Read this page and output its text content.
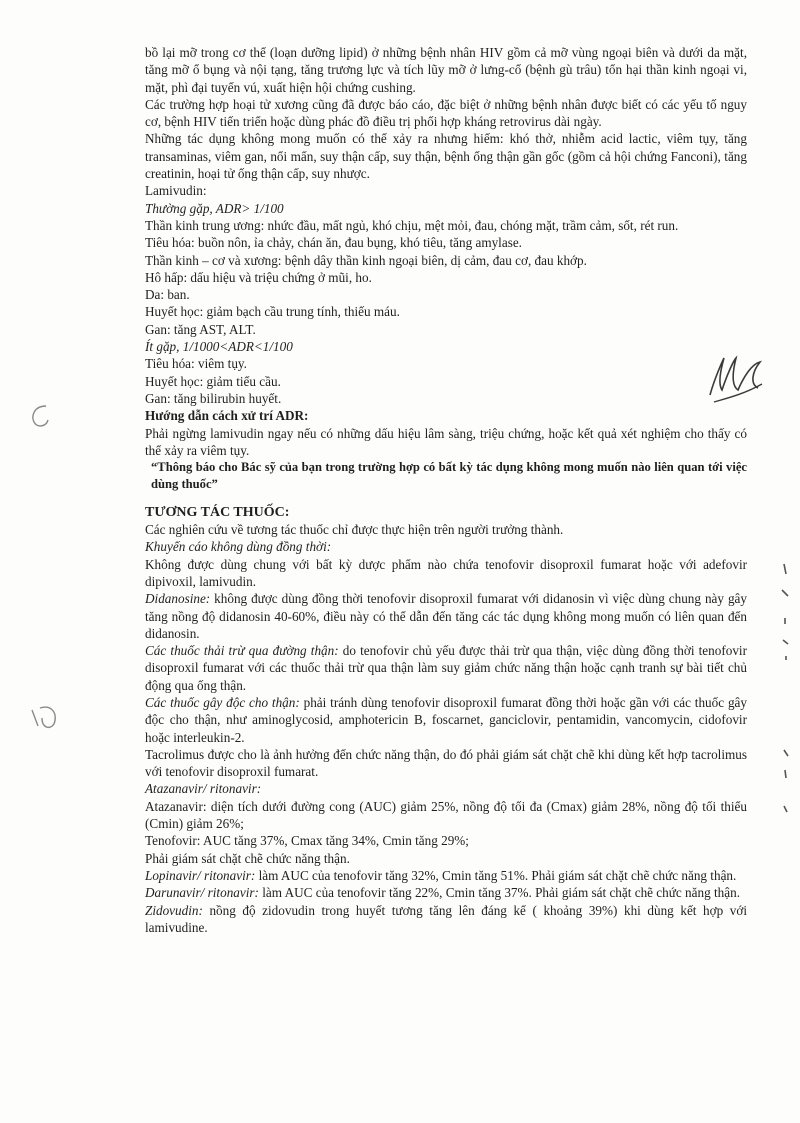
bồ lại mỡ trong cơ thể (loạn dưỡng lipid) ở những bệnh nhân HIV gồm cả mỡ vùng ngoại biên và dưới da mặt, tăng mỡ ổ bụng và nội tạng, tăng trương lực và tích lũy mỡ ở lưng-cổ (bệnh gù trâu) tổn hại thần kinh ngoại vi, mặt, phì đại tuyến vú, xuất hiện hội chứng cushing.

Các trường hợp hoại tử xương cũng đã được báo cáo, đặc biệt ở những bệnh nhân được biết có các yếu tố nguy cơ, bệnh HIV tiến triển hoặc dùng phác đồ điều trị phối hợp kháng retrovirus dài ngày.

Những tác dụng không mong muốn có thể xảy ra nhưng hiếm: khó thở, nhiễm acid lactic, viêm tụy, tăng transaminas, viêm gan, nổi mẩn, suy thận cấp, suy thận, bệnh ống thận gần gốc (gồm cả hội chứng Fanconi), tăng creatinin, hoại tử ống thận cấp, suy nhược.

Lamivudin:

Thường gặp, ADR> 1/100

Thần kinh trung ương: nhức đầu, mất ngủ, khó chịu, mệt mỏi, đau, chóng mặt, trầm cảm, sốt, rét run.

Tiêu hóa: buồn nôn, ỉa chảy, chán ăn, đau bụng, khó tiêu, tăng amylase.

Thần kinh – cơ và xương: bệnh dây thần kinh ngoại biên, dị cảm, đau cơ, đau khớp.

Hô hấp: dấu hiệu và triệu chứng ở mũi, ho.

Da: ban.

Huyết học: giảm bạch cầu trung tính, thiếu máu.

Gan: tăng AST, ALT.

Ít gặp, 1/1000<ADR<1/100

Tiêu hóa: viêm tụy.

Huyết học: giảm tiểu cầu.

Gan: tăng bilirubin huyết.

Hướng dẫn cách xử trí ADR:

Phải ngừng lamivudin ngay nếu có những dấu hiệu lâm sàng, triệu chứng, hoặc kết quả xét nghiệm cho thấy có thể xảy ra viêm tụy.

“Thông báo cho Bác sỹ của bạn trong trường hợp có bất kỳ tác dụng không mong muốn nào liên quan tới việc dùng thuốc”

TƯƠNG TÁC THUỐC:

Các nghiên cứu về tương tác thuốc chỉ được thực hiện trên người trưởng thành.

Khuyến cáo không dùng đồng thời:

Không được dùng chung với bất kỳ dược phẩm nào chứa tenofovir disoproxil fumarat hoặc với adefovir dipivoxil, lamivudin.

Didanosine: không được dùng đồng thời tenofovir disoproxil fumarat với didanosin vì việc dùng chung này gây tăng nồng độ didanosin 40-60%, điều này có thể dẫn đến tăng các tác dụng không mong muốn có liên quan đến didanosin.

Các thuốc thải trừ qua đường thận: do tenofovir chủ yếu được thải trừ qua thận, việc dùng đồng thời tenofovir disoproxil fumarat với các thuốc thải trừ qua thận làm suy giảm chức năng thận hoặc cạnh tranh sự bài tiết chủ động qua ống thận.

Các thuốc gây độc cho thận: phải tránh dùng tenofovir disoproxil fumarat đồng thời hoặc gần với các thuốc gây độc cho thận, như aminoglycosid, amphotericin B, foscarnet, ganciclovir, pentamidin, vancomycin, cidofovir hoặc interleukin-2.

Tacrolimus được cho là ảnh hưởng đến chức năng thận, do đó phải giám sát chặt chẽ khi dùng kết hợp tacrolimus với tenofovir disoproxil fumarat.

Atazanavir/ ritonavir:

Atazanavir: diện tích dưới đường cong (AUC) giảm 25%, nồng độ tối đa (Cmax) giảm 28%, nồng độ tối thiểu (Cmin) giảm 26%;

Tenofovir: AUC tăng 37%, Cmax tăng 34%, Cmin tăng 29%;

Phải giám sát chặt chẽ chức năng thận.

Lopinavir/ ritonavir: làm AUC của tenofovir tăng 32%, Cmin tăng 51%. Phải giám sát chặt chẽ chức năng thận.

Darunavir/ ritonavir: làm AUC của tenofovir tăng 22%, Cmin tăng 37%. Phải giám sát chặt chẽ chức năng thận.

Zidovudin: nồng độ zidovudin trong huyết tương tăng lên đáng kể ( khoảng 39%) khi dùng kết hợp với lamivudine.
